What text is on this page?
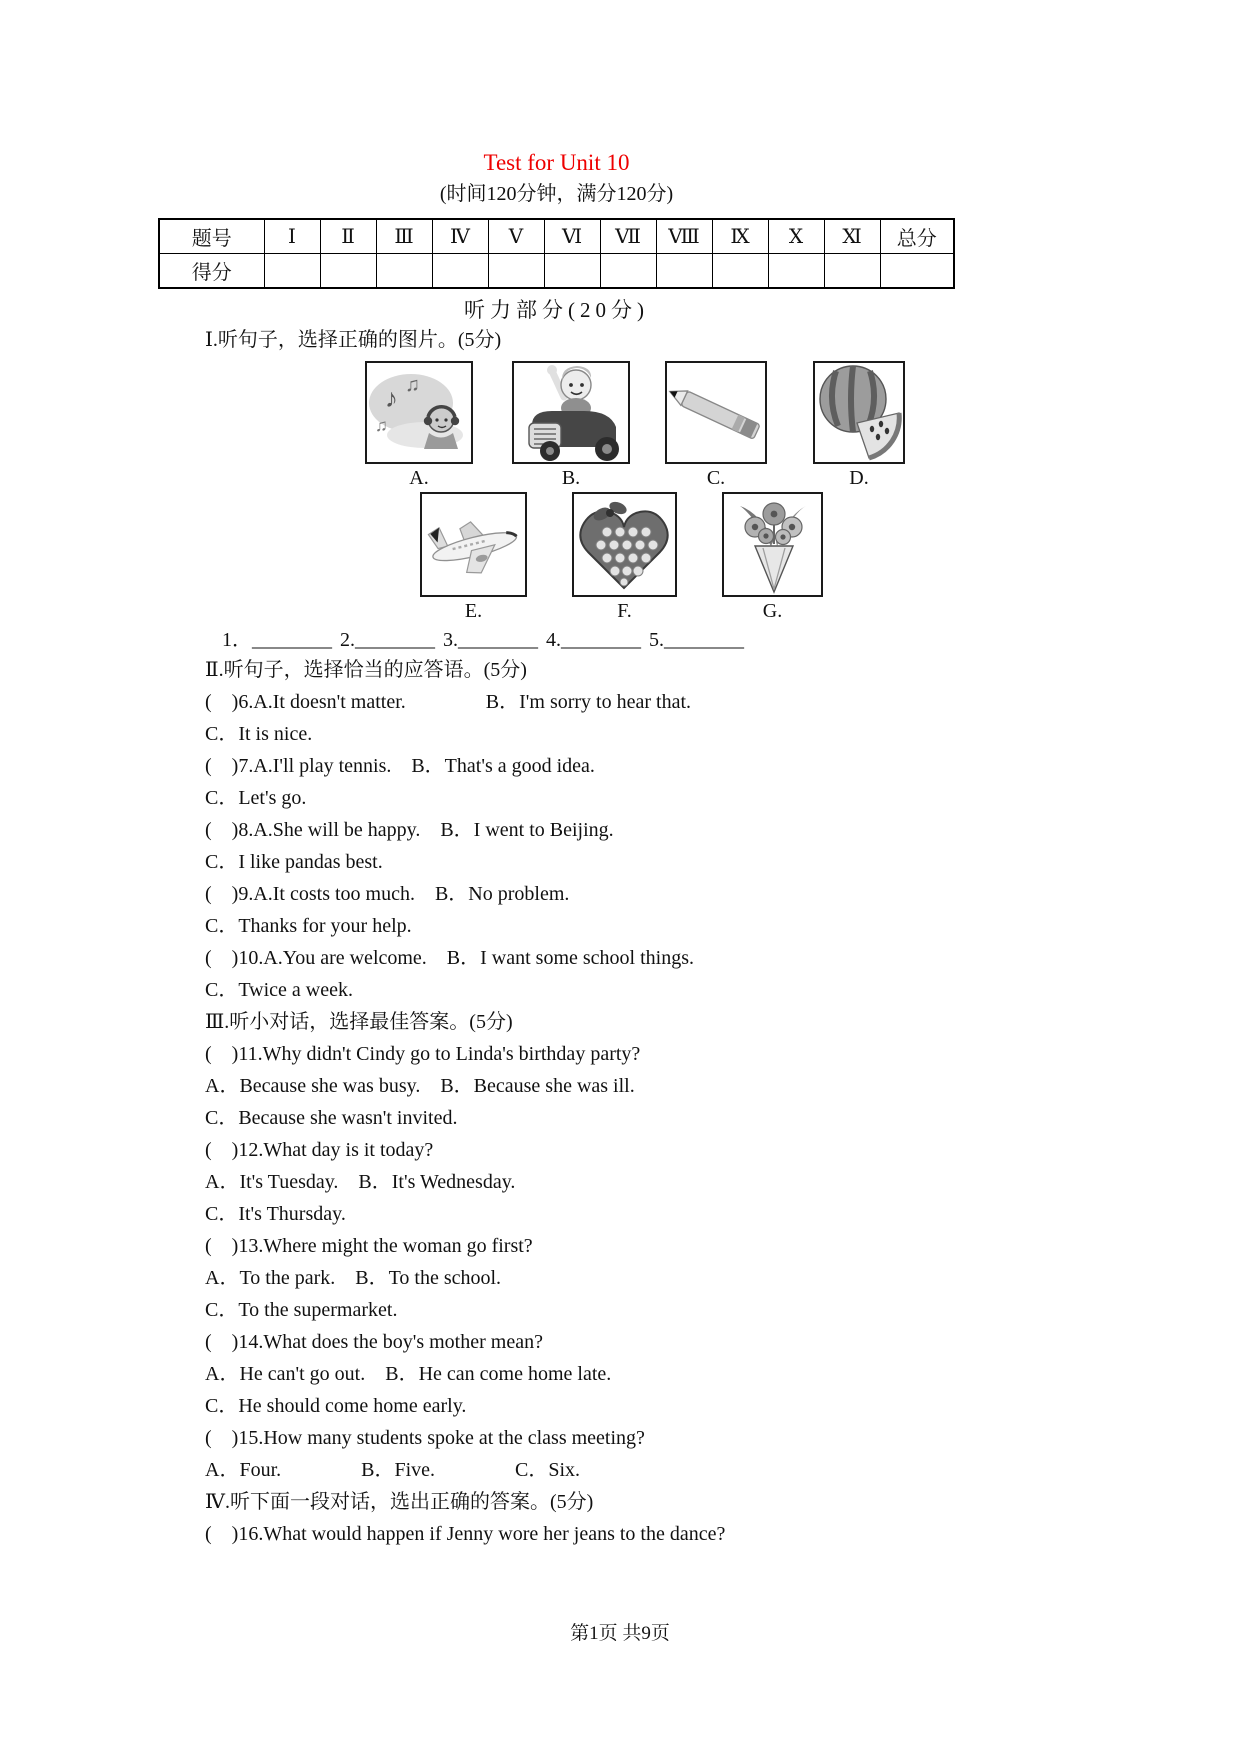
Test for Unit 10
(时间120分钟，满分120分)
题号	Ⅰ	Ⅱ	Ⅲ	Ⅳ	Ⅴ	Ⅵ	Ⅶ	Ⅷ	Ⅸ	Ⅹ	Ⅺ	总分
得分												
听力部分(20分)
Ⅰ.听句子，选择正确的图片。(5分)
♪ ♫
♫
A.	B.	C.	D.
E.	F.	G.
1．________ 2.________ 3.________ 4.________ 5.________
Ⅱ.听句子，选择恰当的应答语。(5分)
(　)6.A.It doesn't matter.　　　　B．I'm sorry to hear that.
C．It is nice.
(　)7.A.I'll play tennis.　B．That's a good idea.
C．Let's go.
(　)8.A.She will be happy.　B．I went to Beijing.
C．I like pandas best.
(　)9.A.It costs too much.　B．No problem.
C．Thanks for your help.
(　)10.A.You are welcome.　B．I want some school things.
C．Twice a week.
Ⅲ.听小对话，选择最佳答案。(5分)
(　)11.Why didn't Cindy go to Linda's birthday party?
A．Because she was busy.　B．Because she was ill.
C．Because she wasn't invited.
(　)12.What day is it today?
A．It's Tuesday.　B．It's Wednesday.
C．It's Thursday.
(　)13.Where might the woman go first?
A．To the park.　B．To the school.
C．To the supermarket.
(　)14.What does the boy's mother mean?
A．He can't go out.　B．He can come home late.
C．He should come home early.
(　)15.How many students spoke at the class meeting?
A．Four.　　　　B．Five.　　　　C．Six.
Ⅳ.听下面一段对话，选出正确的答案。(5分)
(　)16.What would happen if Jenny wore her jeans to the dance?
第1页 共9页
